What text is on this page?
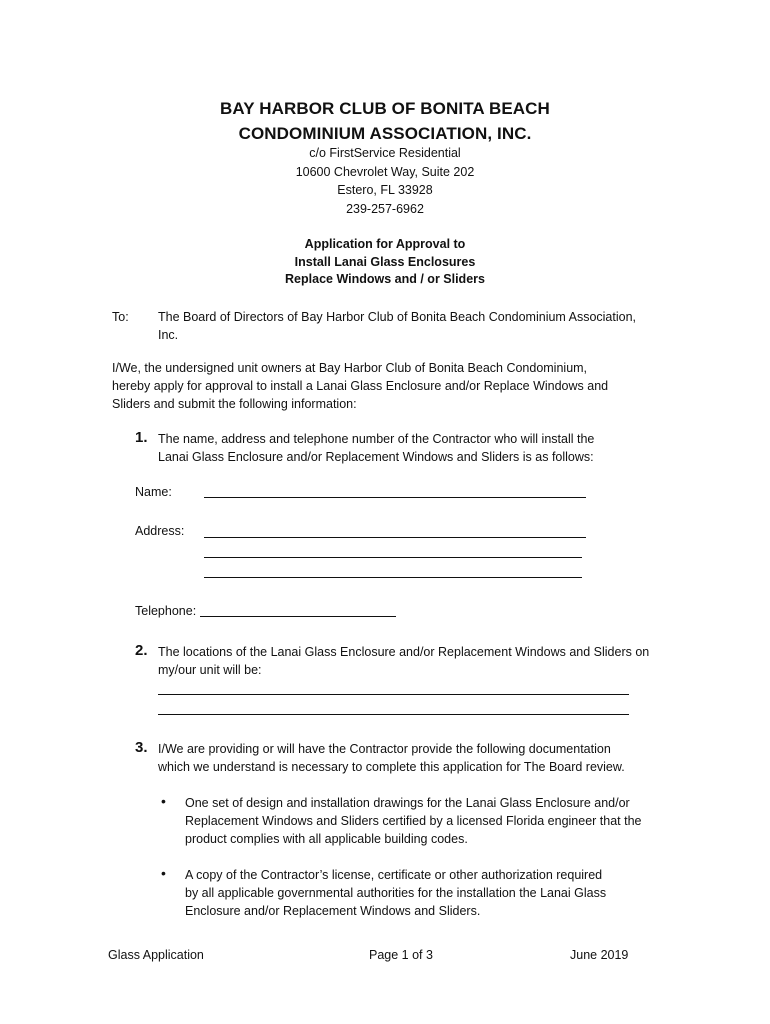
BAY HARBOR CLUB OF BONITA BEACH
CONDOMINIUM ASSOCIATION, INC.
c/o FirstService Residential
10600 Chevrolet Way, Suite 202
Estero, FL 33928
239-257-6962
Application for Approval to
Install Lanai Glass Enclosures
Replace Windows and / or Sliders
To: The Board of Directors of Bay Harbor Club of Bonita Beach Condominium Association,
Inc.
I/We, the undersigned unit owners at Bay Harbor Club of Bonita Beach Condominium,
hereby apply for approval to install a Lanai Glass Enclosure and/or Replace Windows and
Sliders and submit the following information:
1. The name, address and telephone number of the Contractor who will install the
Lanai Glass Enclosure and/or Replacement Windows and Sliders is as follows:
Name:
Address:
Telephone:
2. The locations of the Lanai Glass Enclosure and/or Replacement Windows and Sliders on
my/our unit will be:
3. I/We are providing or will have the Contractor provide the following documentation
which we understand is necessary to complete this application for The Board review.
• One set of design and installation drawings for the Lanai Glass Enclosure and/or
Replacement Windows and Sliders certified by a licensed Florida engineer that the
product complies with all applicable building codes.
• A copy of the Contractor’s license, certificate or other authorization required
by all applicable governmental authorities for the installation the Lanai Glass
Enclosure and/or Replacement Windows and Sliders.
Glass Application	Page 1 of 3	June 2019
